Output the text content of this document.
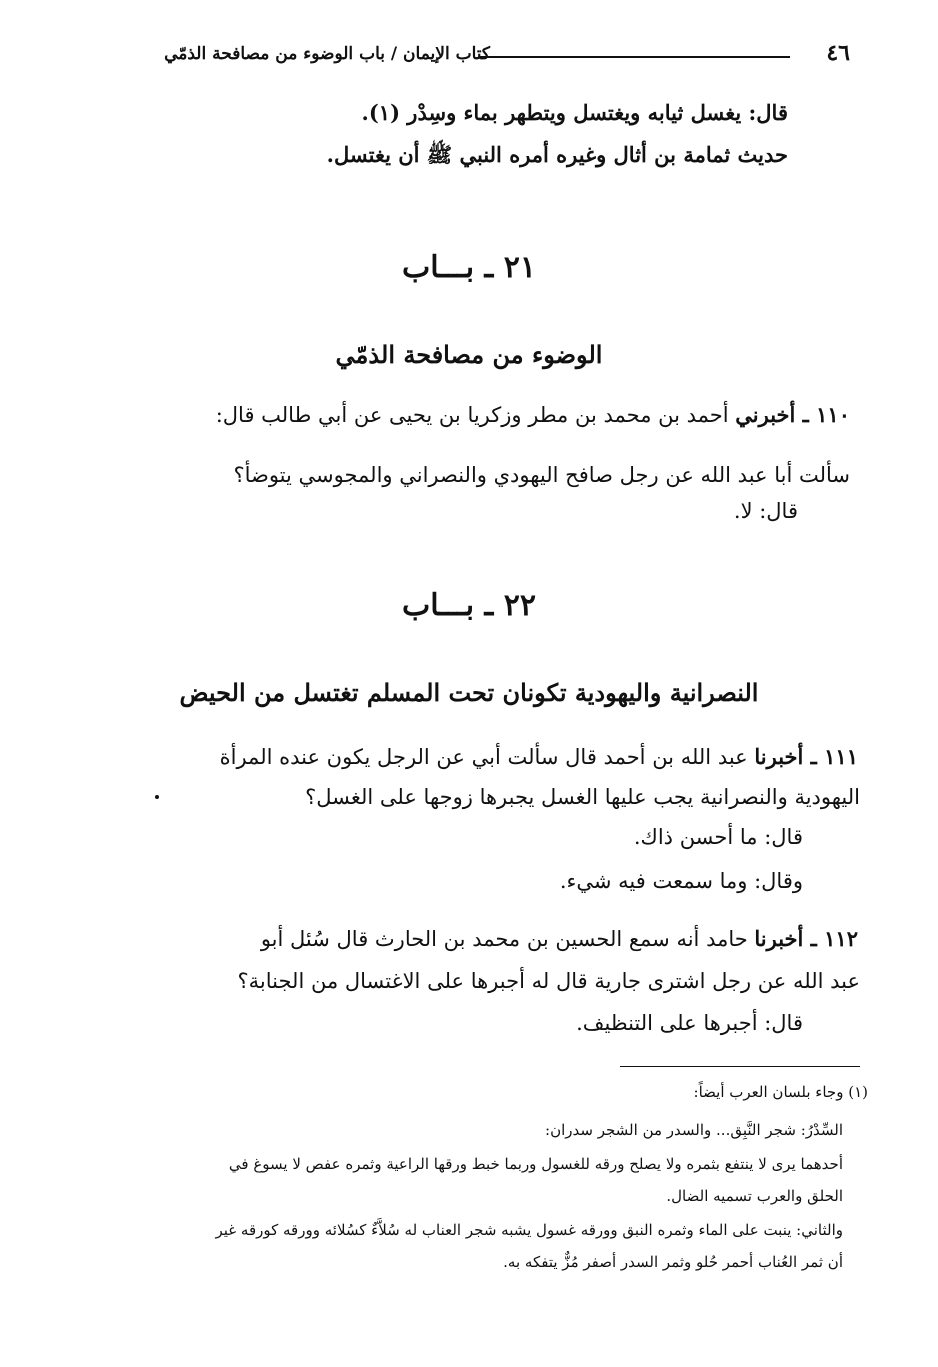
٤٦
كتاب الإيمان / باب الوضوء من مصافحة الذمّي
قال: يغسل ثيابه ويغتسل ويتطهر بماء وسِدْر (١).
حديث ثمامة بن أثال وغيره أمره النبي ﷺ أن يغتسل.
٢١ ـ بـــاب
الوضوء من مصافحة الذمّي
١١٠ ـ أخبرني أحمد بن محمد بن مطر وزكريا بن يحيى عن أبي طالب قال:
سألت أبا عبد الله عن رجل صافح اليهودي والنصراني والمجوسي يتوضأ؟
قال: لا.
٢٢ ـ بـــاب
النصرانية واليهودية تكونان تحت المسلم تغتسل من الحيض
١١١ ـ أخبرنا عبد الله بن أحمد قال سألت أبي عن الرجل يكون عنده المرأة
اليهودية والنصرانية يجب عليها الغسل يجبرها زوجها على الغسل؟
قال: ما أحسن ذاك.
وقال: وما سمعت فيه شيء.
١١٢ ـ أخبرنا حامد أنه سمع الحسين بن محمد بن الحارث قال سُئل أبو
عبد الله عن رجل اشترى جارية قال له أجبرها على الاغتسال من الجنابة؟
قال: أجبرها على التنظيف.
(١) وجاء بلسان العرب أيضاً:
السِّدْرُ: شجر النَّبِق... والسدر من الشجر سدران:
أحدهما يرى لا ينتفع بثمره ولا يصلح ورقه للغسول وربما خبط ورقها الراعية وثمره عفص لا يسوغ في
الحلق والعرب تسميه الضال.
والثاني: ينبت على الماء وثمره النبق وورقه غسول يشبه شجر العناب له سُلاَّءٌ كسُلائه وورقه كورقه غير
أن ثمر العُناب أحمر حُلو وثمر السدر أصفر مُزٌّ يتفكه به.
